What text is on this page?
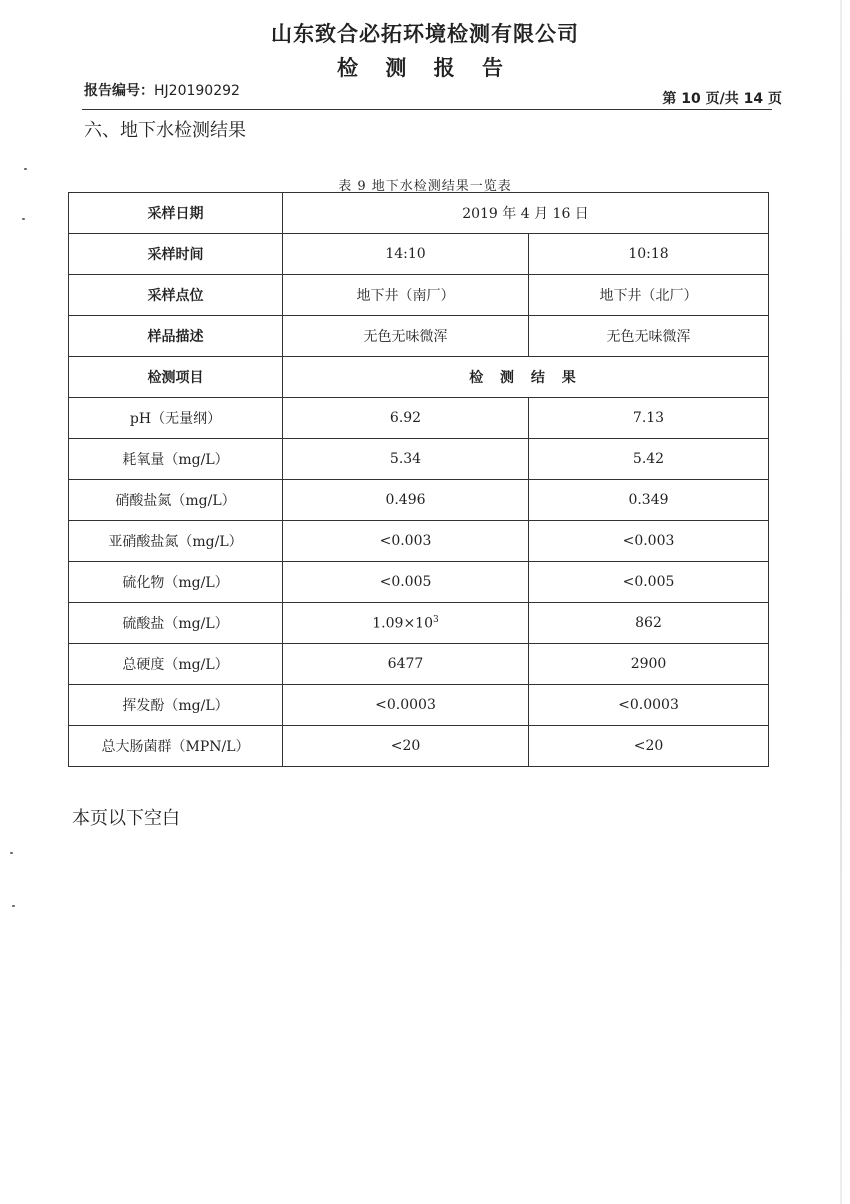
山东致合必拓环境检测有限公司
检 测 报 告
报告编号：HJ20190292	第 10 页/共 14 页
六、地下水检测结果
表 9 地下水检测结果一览表
采样日期	2019 年 4 月 16 日	
采样时间	14:10	10:18
采样点位	地下井（南厂）	地下井（北厂）
样品描述	无色无味微浑	无色无味微浑
检测项目	检 测 结 果	
pH（无量纲）	6.92	7.13
耗氧量（mg/L）	5.34	5.42
硝酸盐氮（mg/L）	0.496	0.349
亚硝酸盐氮（mg/L）	<0.003	<0.003
硫化物（mg/L）	<0.005	<0.005
硫酸盐（mg/L）	$1.09\times 10^3$	862
总硬度（mg/L）	6477	2900
挥发酚（mg/L）	<0.0003	<0.0003
总大肠菌群（MPN/L）	<20	<20
本页以下空白
